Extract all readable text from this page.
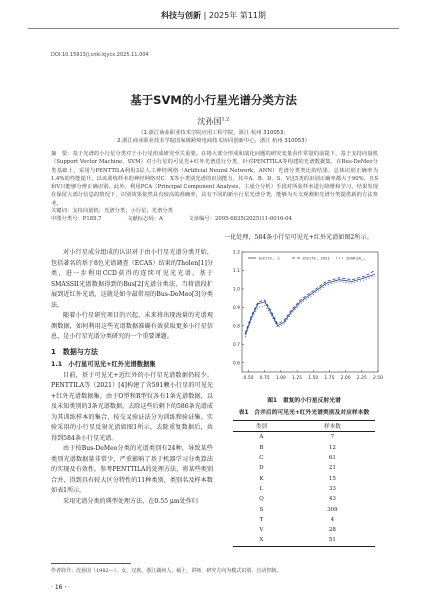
科技与创新 | 2025年 第11期
DOI:10.15913/j.cnki.kjycx.2025.11.004
基于SVM的小行星光谱分类方法
沈孙国$^{1,2}$
（1.浙江商业职业技术学院应用工程学院，浙江 杭州 310053；
2.浙江商业职业技术学院国家级跨境电商技术协同创新中心，浙江 杭州 310053）
摘　要：基于光谱的小行星分类对于小行星组成研究至关重要。在将大部分形成和演化问题的研究变量看作常量的前提下，基于支持向量机（Support Vector Machine，SVM）对小行星的可见光+红外光谱进行分类，针对PENTTILA等构建的光谱数据集，在Bus-DeMeo分类基础上，采用与PENTTILA利用3层人工神经网络（Artificial Neural Network，ANN）光谱分类类比的结果，总体识别正确率为1.4%的性能提升，以该训练样本的神经网络对C、X等小类别光谱的识别能力，其中A、B、D、S、V这5类的识别正确率都大于90%，且S和V只能够分辨正确识别。此外，利用PCA（Principal Component Analysis，主成分分析）手段对所获样本进行降维和学习，结果发现在保留大部分信息的情况下，识别效果依然具有较高的准确率，具有不同的新小行星光谱分类，能够为天文观测和光谱分类提供新的方法参考。
关键词：支持向量机；光谱分类；小行星；光谱分类
中图分类号：P185.7	文献标志码：A	文章编号：2095-6835(2025)11-0016-04
对小行星成分组成的认识对于由小行星光谱分类开始，包括著名的基于8色光谱调查（ECAS）结果的Tholen[1]分类，进一步利用CCD获得的连续可见光光谱，基于SMASSII光谱数据得到的Bus[2]光谱分类法，当将谱段扩展到近红外光谱，这就是如今最常用的Bus-DeMeo[3]分类法。
随着小行星研究项目的兴起，未来将出现海量的光谱观测数据，如何利用这些光谱数据准确有效获取更多小行星信息，是小行星光谱分类研究的一个重要课题。
1　数据与方法
1.1　小行星可见光+红外光谱数据集
目前，基于可见光+近红外的小行星光谱数据仍较少。PENTTILA等（2021）[4]构建了含591颗小行星的可见光+红外光谱数据集，由于O型和R型仅各有1条光谱数据，以及未知类别的3条光谱数据，去除这些后剩下的586条光谱成为其训练样本的集合，按交叉验证法分为训练和验证集。实验采用的小行星反射光谱如图1所示，去除重复数据后，共得到584条小行星光谱。
由于按Bus-DeMeo分类的光谱类别有24种，导致某些类别光谱数据量非常少，严重影响了基于机器学习分类算法的实现及有效性。参考PENTTILA的处理方法，将某些类别合并，得到具有较大区分特性的11种类别，类别名及样本数如表1所示。
采用光谱分类的典型处理方法，在0.55 μm处作归
一化处理，584条小行星可见光+红外光谱如图2所示。
0.50 0.75 1.00 1.25 1.50 1.75 2.00 2.25 2.50
1.2
1.1
1.0
0.9
0.8
0.7
0.6
102173… -1	102173… 2021	2006 SA_...
图1　重复的小行星反射光谱
表1　合并后的可见光+红外光谱类别及对应样本数
类别	样本数
A	7
B	12
C	61
D	21
K	15
L	33
Q	43
S	309
T	4
V	28
X	51
作者简介：沈孙国（1982—），女，汉族，浙江湖州人，硕士，讲师，研究方向为模式识别、自动控制。
· 16 ·
